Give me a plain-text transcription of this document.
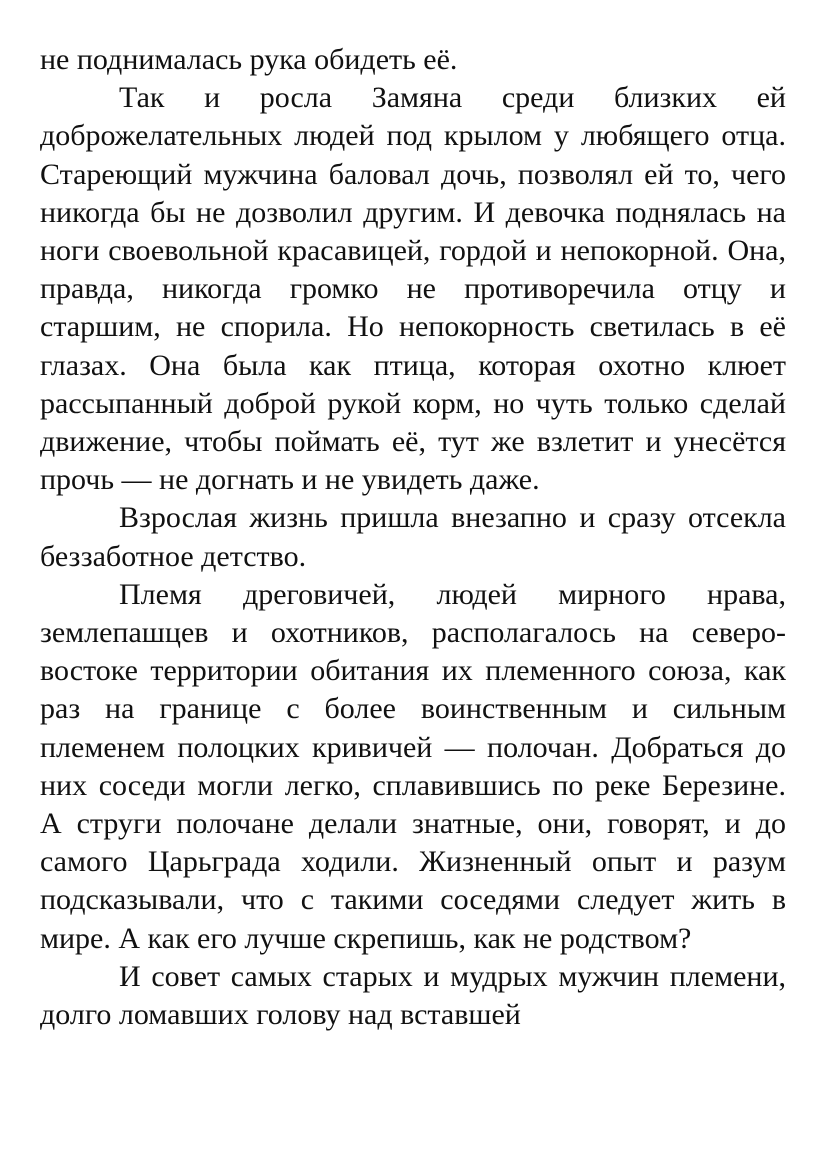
не поднималась рука обидеть её.

Так и росла Замяна среди близких ей доброжелательных людей под крылом у любящего отца. Стареющий мужчина баловал дочь, позволял ей то, чего никогда бы не дозволил другим. И девочка поднялась на ноги своевольной красавицей, гордой и непокорной. Она, правда, никогда громко не противоречила отцу и старшим, не спорила. Но непокорность светилась в её глазах. Она была как птица, которая охотно клюет рассыпанный доброй рукой корм, но чуть только сделай движение, чтобы поймать её, тут же взлетит и унесётся прочь — не догнать и не увидеть даже.

Взрослая жизнь пришла внезапно и сразу отсекла беззаботное детство.

Племя дреговичей, людей мирного нрава, землепашцев и охотников, располагалось на северо-востоке территории обитания их племенного союза, как раз на границе с более воинственным и сильным племенем полоцких кривичей — полочан. Добраться до них соседи могли легко, сплавившись по реке Березине. А струги полочане делали знатные, они, говорят, и до самого Царьграда ходили. Жизненный опыт и разум подсказывали, что с такими соседями следует жить в мире. А как его лучше скрепишь, как не родством?

И совет самых старых и мудрых мужчин племени, долго ломавших голову над вставшей
